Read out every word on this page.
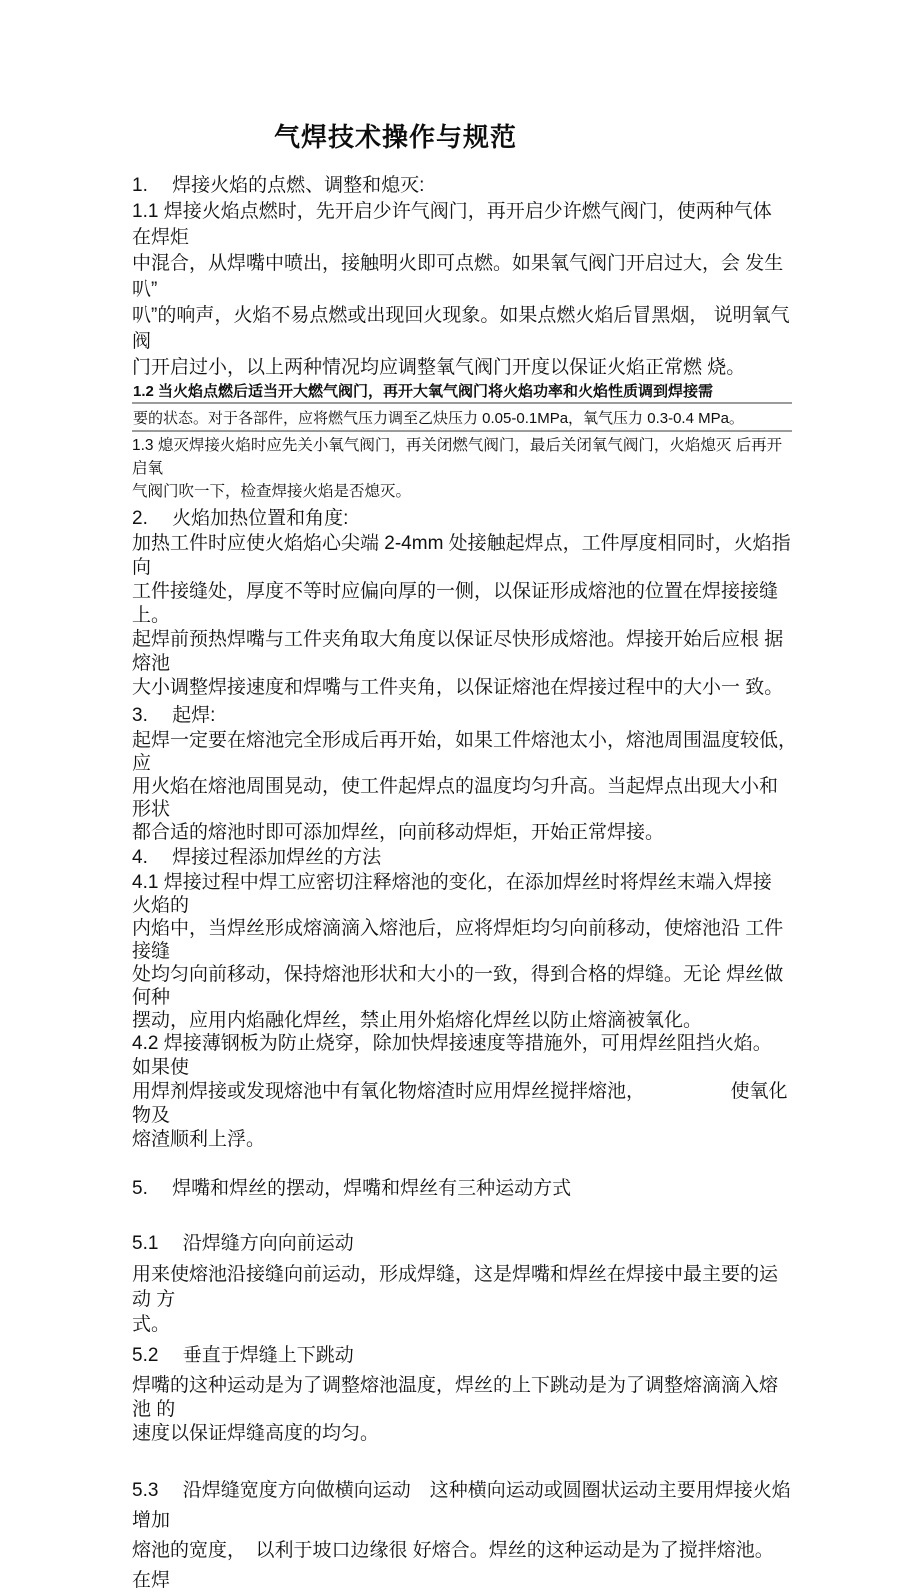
气焊技术操作与规范
1.　 焊接火焰的点燃、调整和熄灭:
1.1 焊接火焰点燃时，先开启少许气阀门，再开启少许燃气阀门，使两种气体 在焊炬
中混合，从焊嘴中喷出，接触明火即可点燃。如果氧气阀门开启过大，会 发生叭”
叭”的响声，火焰不易点燃或出现回火现象。如果点燃火焰后冒黑烟， 说明氧气阀
门开启过小，以上两种情况均应调整氧气阀门开度以保证火焰正常燃 烧。
1.2 当火焰点燃后适当开大燃气阀门，再开大氧气阀门将火焰功率和火焰性质调到焊接需
要的状态。对于各部件，应将燃气压力调至乙炔压力 0.05-0.1MPa，氧气压力 0.3-0.4 MPa。
1.3 熄灭焊接火焰时应先关小氧气阀门，再关闭燃气阀门，最后关闭氧气阀门，火焰熄灭 后再开启氧
气阀门吹一下，检查焊接火焰是否熄灭。
2.　 火焰加热位置和角度:
加热工件时应使火焰焰心尖端 2-4mm 处接触起焊点，工件厚度相同时，火焰指 向
工件接缝处，厚度不等时应偏向厚的一侧，以保证形成熔池的位置在焊接接缝 上。
起焊前预热焊嘴与工件夹角取大角度以保证尽快形成熔池。焊接开始后应根 据熔池
大小调整焊接速度和焊嘴与工件夹角，以保证熔池在焊接过程中的大小一 致。
3.　 起焊:
起焊一定要在熔池完全形成后再开始，如果工件熔池太小，熔池周围温度较低，　应
用火焰在熔池周围晃动，使工件起焊点的温度均匀升高。当起焊点出现大小和 形状
都合适的熔池时即可添加焊丝，向前移动焊炬，开始正常焊接。
4.　 焊接过程添加焊丝的方法
4.1 焊接过程中焊工应密切注释熔池的变化，在添加焊丝时将焊丝末端入焊接 火焰的
内焰中，当焊丝形成熔滴滴入熔池后，应将焊炬均匀向前移动，使熔池沿 工件接缝
处均匀向前移动，保持熔池形状和大小的一致，得到合格的焊缝。无论 焊丝做何种
摆动，应用内焰融化焊丝，禁止用外焰熔化焊丝以防止熔滴被氧化。
4.2 焊接薄钢板为防止烧穿，除加快焊接速度等措施外，可用焊丝阻挡火焰。　如果使
用焊剂焊接或发现熔池中有氧化物熔渣时应用焊丝搅拌熔池，　　　　　使氧化物及
熔渣顺利上浮。
5.　 焊嘴和焊丝的摆动，焊嘴和焊丝有三种运动方式
5.1　 沿焊缝方向向前运动
用来使熔池沿接缝向前运动，形成焊缝，这是焊嘴和焊丝在焊接中最主要的运动 方
式。
5.2　 垂直于焊缝上下跳动
焊嘴的这种运动是为了调整熔池温度，焊丝的上下跳动是为了调整熔滴滴入熔池 的
速度以保证焊缝高度的均匀。
5.3　 沿焊缝宽度方向做横向运动　这种横向运动或圆圈状运动主要用焊接火焰增加
熔池的宽度，　以利于坡口边缘很 好熔合。焊丝的这种运动是为了搅拌熔池。　在焊
